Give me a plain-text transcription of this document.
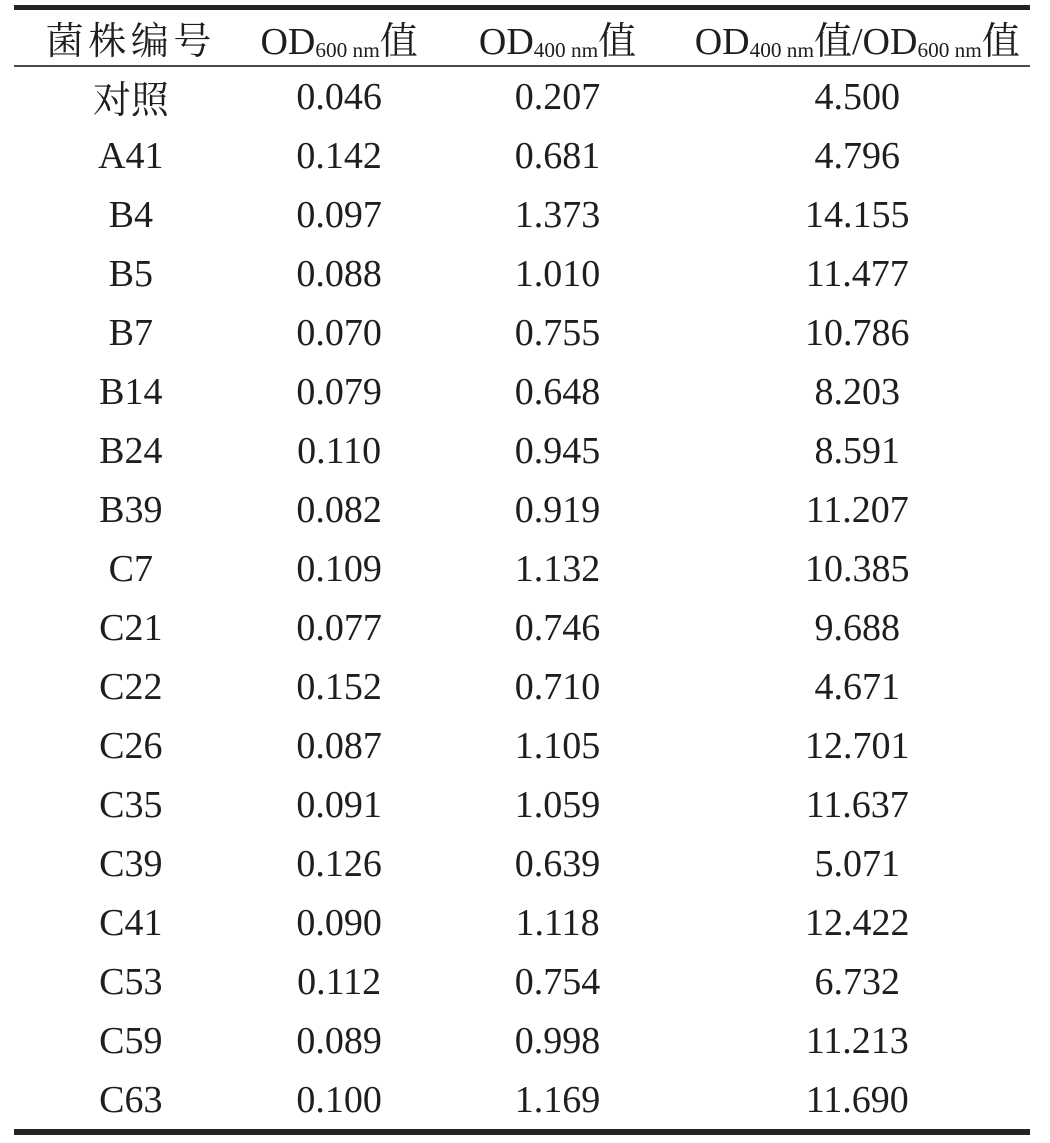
菌株编号	$OD_{600 nm}$值	$OD_{400 nm}$值	$OD_{400 nm}$值$/OD_{600 nm}$值
对照	0.046	0.207	4.500
A41	0.142	0.681	4.796
B4	0.097	1.373	14.155
B5	0.088	1.010	11.477
B7	0.070	0.755	10.786
B14	0.079	0.648	8.203
B24	0.110	0.945	8.591
B39	0.082	0.919	11.207
C7	0.109	1.132	10.385
C21	0.077	0.746	9.688
C22	0.152	0.710	4.671
C26	0.087	1.105	12.701
C35	0.091	1.059	11.637
C39	0.126	0.639	5.071
C41	0.090	1.118	12.422
C53	0.112	0.754	6.732
C59	0.089	0.998	11.213
C63	0.100	1.169	11.690
